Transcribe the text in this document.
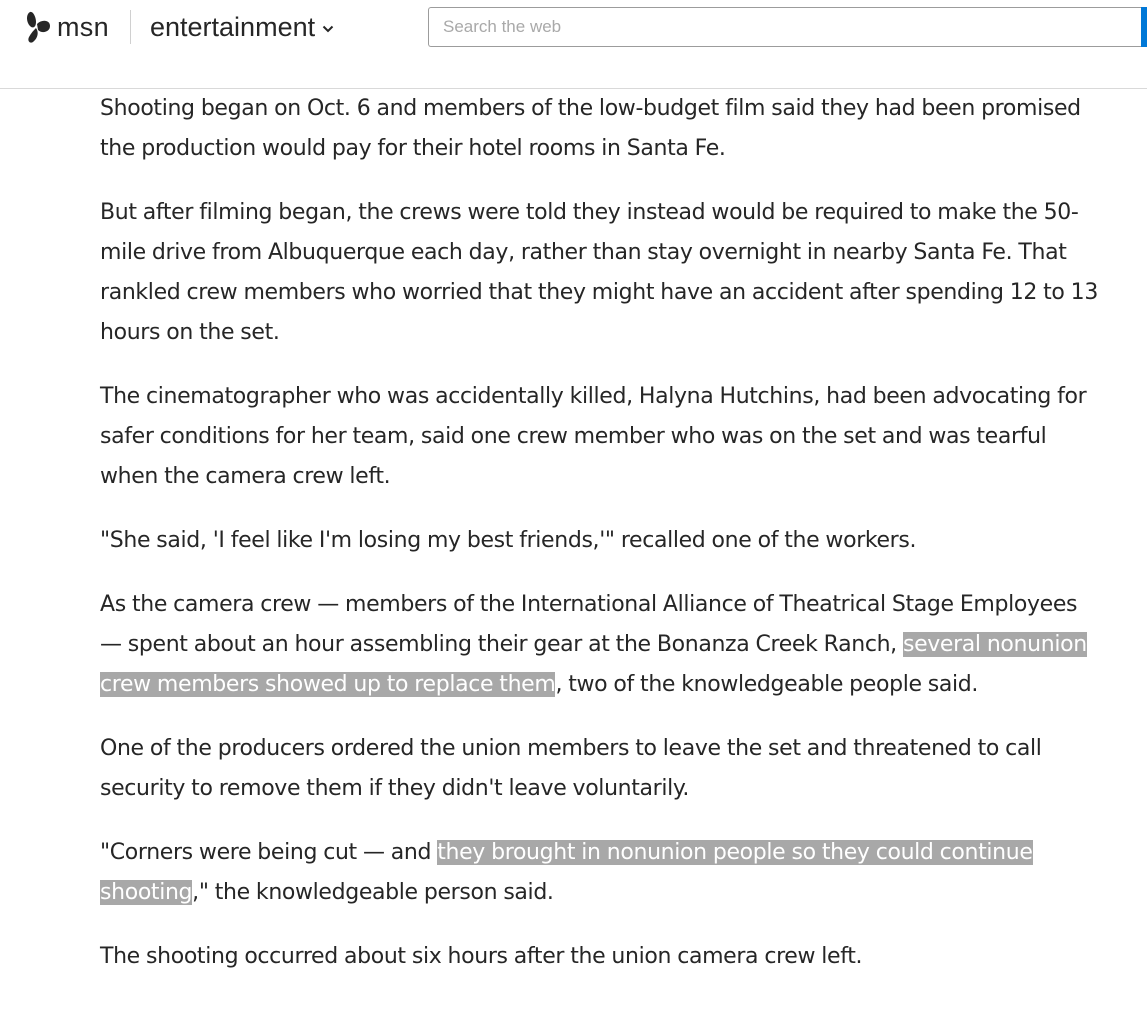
msn entertainment
Search the web

Shooting began on Oct. 6 and members of the low-budget film said they had been promised the production would pay for their hotel rooms in Santa Fe.

But after filming began, the crews were told they instead would be required to make the 50-mile drive from Albuquerque each day, rather than stay overnight in nearby Santa Fe. That rankled crew members who worried that they might have an accident after spending 12 to 13 hours on the set.

The cinematographer who was accidentally killed, Halyna Hutchins, had been advocating for safer conditions for her team, said one crew member who was on the set and was tearful when the camera crew left.

"She said, 'I feel like I'm losing my best friends,'" recalled one of the workers.

As the camera crew — members of the International Alliance of Theatrical Stage Employees — spent about an hour assembling their gear at the Bonanza Creek Ranch, several nonunion crew members showed up to replace them, two of the knowledgeable people said.

One of the producers ordered the union members to leave the set and threatened to call security to remove them if they didn't leave voluntarily.

"Corners were being cut — and they brought in nonunion people so they could continue shooting," the knowledgeable person said.

The shooting occurred about six hours after the union camera crew left.
